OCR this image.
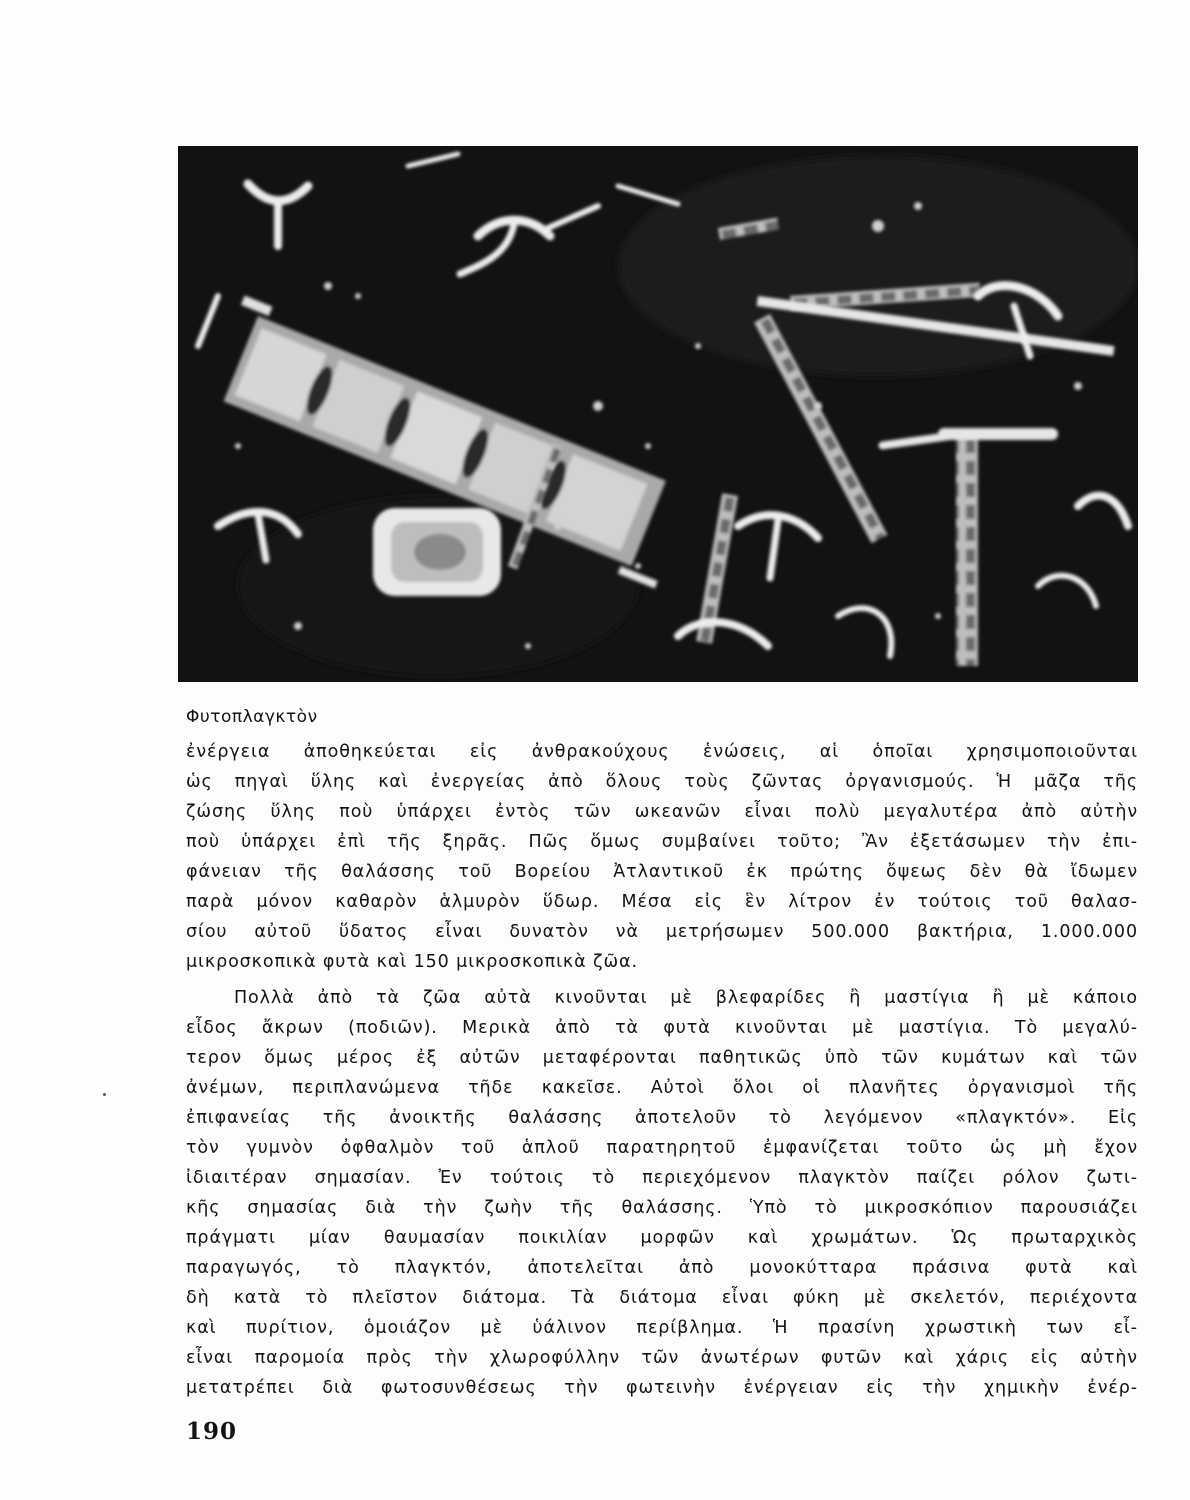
Φυτοπλαγκτὸν
ἐνέργεια ἀποθηκεύεται εἰς ἀνθρακούχους ἑνώσεις, αἱ ὁποῖαι χρησιμοποιοῦνται
ὡς πηγαὶ ὕλης καὶ ἐνεργείας ἀπὸ ὅλους τοὺς ζῶντας ὀργανισμούς. Ἡ μᾶζα τῆς
ζώσης ὕλης ποὺ ὑπάρχει ἐντὸς τῶν ωκεανῶν εἶναι πολὺ μεγαλυτέρα ἀπὸ αὐτὴν
ποὺ ὑπάρχει ἐπὶ τῆς ξηρᾶς. Πῶς ὅμως συμβαίνει τοῦτο; Ἂν ἐξετάσωμεν τὴν ἐπι-
φάνειαν τῆς θαλάσσης τοῦ Βορείου Ἀτλαντικοῦ ἐκ πρώτης ὄψεως δὲν θὰ ἴδωμεν
παρὰ μόνον καθαρὸν ἁλμυρὸν ὕδωρ. Μέσα εἰς ἓν λίτρον ἐν τούτοις τοῦ θαλασ-
σίου αὐτοῦ ὕδατος εἶναι δυνατὸν νὰ μετρήσωμεν 500.000 βακτήρια, 1.000.000
μικροσκοπικὰ φυτὰ καὶ 150 μικροσκοπικὰ ζῶα.
Πολλὰ ἀπὸ τὰ ζῶα αὐτὰ κινοῦνται μὲ βλεφαρίδες ἢ μαστίγια ἢ μὲ κάποιο
εἶδος ἄκρων (ποδιῶν). Μερικὰ ἀπὸ τὰ φυτὰ κινοῦνται μὲ μαστίγια. Τὸ μεγαλύ-
τερον ὅμως μέρος ἐξ αὐτῶν μεταφέρονται παθητικῶς ὑπὸ τῶν κυμάτων καὶ τῶν
ἀνέμων, περιπλανώμενα τῆδε κακεῖσε. Αὐτοὶ ὅλοι οἱ πλανῆτες ὀργανισμοὶ τῆς
ἐπιφανείας τῆς ἀνοικτῆς θαλάσσης ἀποτελοῦν τὸ λεγόμενον «πλαγκτόν». Εἰς
τὸν γυμνὸν ὀφθαλμὸν τοῦ ἁπλοῦ παρατηρητοῦ ἐμφανίζεται τοῦτο ὡς μὴ ἔχον
ἰδιαιτέραν σημασίαν. Ἐν τούτοις τὸ περιεχόμενον πλαγκτὸν παίζει ρόλον ζωτι-
κῆς σημασίας διὰ τὴν ζωὴν τῆς θαλάσσης. Ὑπὸ τὸ μικροσκόπιον παρουσιάζει
πράγματι μίαν θαυμασίαν ποικιλίαν μορφῶν καὶ χρωμάτων. Ὡς πρωταρχικὸς
παραγωγός, τὸ πλαγκτόν, ἀποτελεῖται ἀπὸ μονοκύτταρα πράσινα φυτὰ καὶ
δὴ κατὰ τὸ πλεῖστον διάτομα. Τὰ διάτομα εἶναι φύκη μὲ σκελετόν, περιέχοντα
καὶ πυρίτιον, ὁμοιάζον μὲ ὑάλινον περίβλημα. Ἡ πρασίνη χρωστικὴ των εἶ-
εἶναι παρομοία πρὸς τὴν χλωροφύλλην τῶν ἀνωτέρων φυτῶν καὶ χάρις εἰς αὐτὴν
μετατρέπει διὰ φωτοσυνθέσεως τὴν φωτεινὴν ἐνέργειαν εἰς τὴν χημικὴν ἐνέρ-
190
